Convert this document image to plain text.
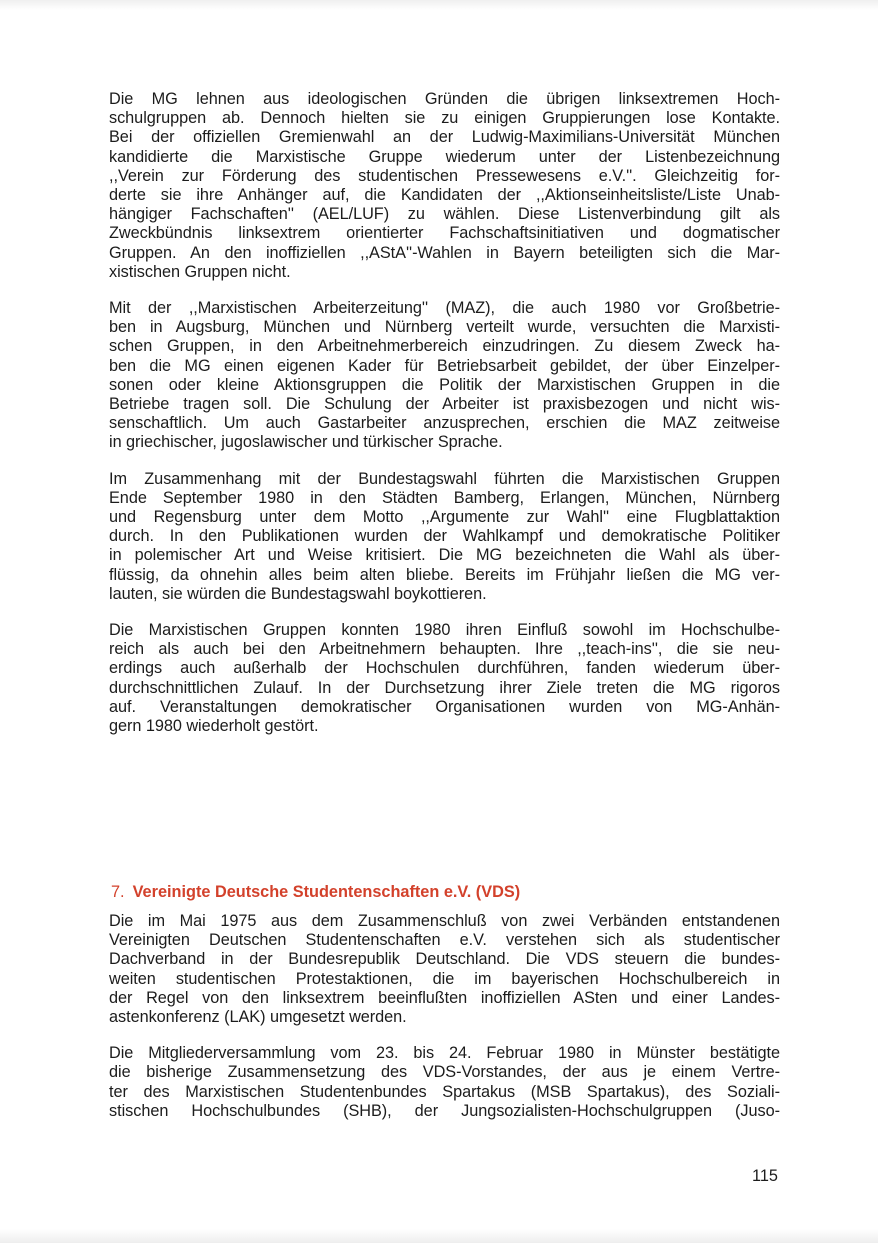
Die MG lehnen aus ideologischen Gründen die übrigen linksextremen Hoch-
schulgruppen ab. Dennoch hielten sie zu einigen Gruppierungen lose Kontakte.
Bei der offiziellen Gremienwahl an der Ludwig-Maximilians-Universität München
kandidierte die Marxistische Gruppe wiederum unter der Listenbezeichnung
,,Verein zur Förderung des studentischen Pressewesens e.V.''. Gleichzeitig for-
derte sie ihre Anhänger auf, die Kandidaten der ,,Aktionseinheitsliste/Liste Unab-
hängiger Fachschaften'' (AEL/LUF) zu wählen. Diese Listenverbindung gilt als
Zweckbündnis linksextrem orientierter Fachschaftsinitiativen und dogmatischer
Gruppen. An den inoffiziellen ,,AStA''-Wahlen in Bayern beteiligten sich die Mar-
xistischen Gruppen nicht.
Mit der ,,Marxistischen Arbeiterzeitung'' (MAZ), die auch 1980 vor Großbetrie-
ben in Augsburg, München und Nürnberg verteilt wurde, versuchten die Marxisti-
schen Gruppen, in den Arbeitnehmerbereich einzudringen. Zu diesem Zweck ha-
ben die MG einen eigenen Kader für Betriebsarbeit gebildet, der über Einzelper-
sonen oder kleine Aktionsgruppen die Politik der Marxistischen Gruppen in die
Betriebe tragen soll. Die Schulung der Arbeiter ist praxisbezogen und nicht wis-
senschaftlich. Um auch Gastarbeiter anzusprechen, erschien die MAZ zeitweise
in griechischer, jugoslawischer und türkischer Sprache.
Im Zusammenhang mit der Bundestagswahl führten die Marxistischen Gruppen
Ende September 1980 in den Städten Bamberg, Erlangen, München, Nürnberg
und Regensburg unter dem Motto ,,Argumente zur Wahl'' eine Flugblattaktion
durch. In den Publikationen wurden der Wahlkampf und demokratische Politiker
in polemischer Art und Weise kritisiert. Die MG bezeichneten die Wahl als über-
flüssig, da ohnehin alles beim alten bliebe. Bereits im Frühjahr ließen die MG ver-
lauten, sie würden die Bundestagswahl boykottieren.
Die Marxistischen Gruppen konnten 1980 ihren Einfluß sowohl im Hochschulbe-
reich als auch bei den Arbeitnehmern behaupten. Ihre ,,teach-ins'', die sie neu-
erdings auch außerhalb der Hochschulen durchführen, fanden wiederum über-
durchschnittlichen Zulauf. In der Durchsetzung ihrer Ziele treten die MG rigoros
auf. Veranstaltungen demokratischer Organisationen wurden von MG-Anhän-
gern 1980 wiederholt gestört.
7. Vereinigte Deutsche Studentenschaften e.V. (VDS)
Die im Mai 1975 aus dem Zusammenschluß von zwei Verbänden entstandenen
Vereinigten Deutschen Studentenschaften e.V. verstehen sich als studentischer
Dachverband in der Bundesrepublik Deutschland. Die VDS steuern die bundes-
weiten studentischen Protestaktionen, die im bayerischen Hochschulbereich in
der Regel von den linksextrem beeinflußten inoffiziellen ASten und einer Landes-
astenkonferenz (LAK) umgesetzt werden.
Die Mitgliederversammlung vom 23. bis 24. Februar 1980 in Münster bestätigte
die bisherige Zusammensetzung des VDS-Vorstandes, der aus je einem Vertre-
ter des Marxistischen Studentenbundes Spartakus (MSB Spartakus), des Soziali-
stischen Hochschulbundes (SHB), der Jungsozialisten-Hochschulgruppen (Juso-
115
